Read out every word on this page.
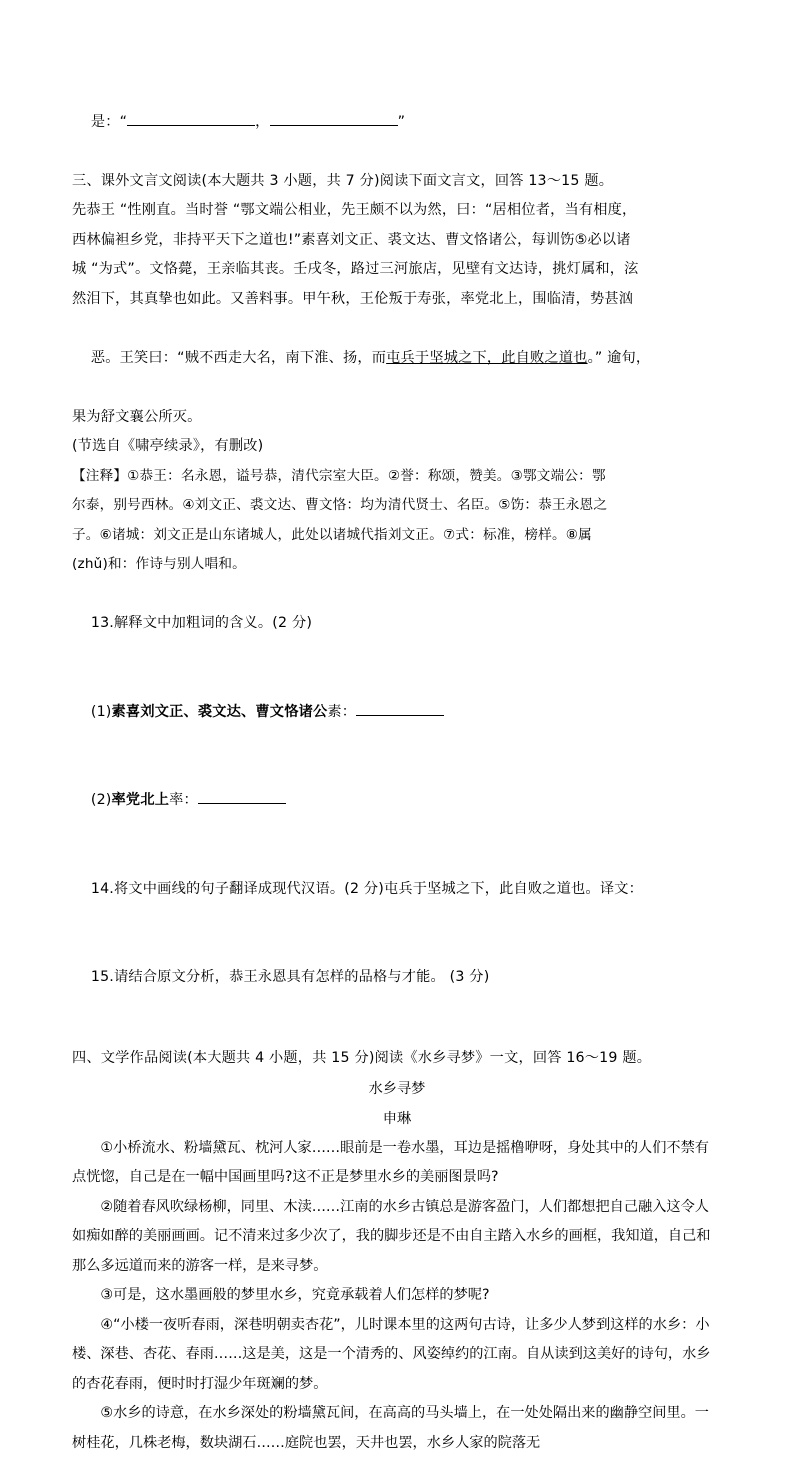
是：“	，	”

三、课外文言文阅读(本大题共 3 小题，共 7 分)阅读下面文言文，回答 13～15 题。
先恭王 “性刚直。当时誉 “鄂文端公相业，先王颇不以为然，曰：“居相位者，当有相度，
西林偏袒乡党，非持平天下之道也!”素喜刘文正、裘文达、曹文恪诸公，每训饬⑤必以诸
城 “为式”。文恪薨，王亲临其丧。壬戌冬，路过三河旅店，见壁有文达诗，挑灯属和，泫
然泪下，其真挚也如此。又善料事。甲午秋，王伦叛于寿张，率党北上，围临清，势甚汹

恶。王笑曰：“贼不西走大名，南下淮、扬，而屯兵于坚城之下，此自败之道也。” 逾旬，

果为舒文襄公所灭。
(节选自《啸亭续录》，有删改)
【注释】①恭王：名永恩，谥号恭，清代宗室大臣。②誉：称颂，赞美。③鄂文端公：鄂
尔泰，别号西林。④刘文正、裘文达、曹文恪：均为清代贤士、名臣。⑤饬：恭王永恩之
子。⑥诸城：刘文正是山东诸城人，此处以诸城代指刘文正。⑦式：标准，榜样。⑧属
(zhǔ)和：作诗与别人唱和。

13.解释文中加粗词的含义。(2 分)

(1)素喜刘文正、裘文达、曹文恪诸公素：

(2)率党北上率：

14.将文中画线的句子翻译成现代汉语。(2 分)屯兵于坚城之下，此自败之道也。译文：

15.请结合原文分析，恭王永恩具有怎样的品格与才能。 (3 分)

四、文学作品阅读(本大题共 4 小题，共 15 分)阅读《水乡寻梦》一文，回答 16～19 题。
水乡寻梦
申琳

①小桥流水、粉墙黛瓦、枕河人家……眼前是一卷水墨，耳边是摇橹咿呀，身处其中的人们不禁有点恍惚，自己是在一幅中国画里吗?这不正是梦里水乡的美丽图景吗?

②随着春风吹绿杨柳，同里、木渎……江南的水乡古镇总是游客盈门，人们都想把自己融入这令人如痴如醉的美丽画画。记不清来过多少次了，我的脚步还是不由自主踏入水乡的画框，我知道，自己和那么多远道而来的游客一样，是来寻梦。

③可是，这水墨画般的梦里水乡，究竟承载着人们怎样的梦呢?

④“小楼一夜听春雨，深巷明朝卖杏花”，儿时课本里的这两句古诗，让多少人梦到这样的水乡：小楼、深巷、杏花、春雨……这是美，这是一个清秀的、风姿绰约的江南。自从读到这美好的诗句，水乡的杏花春雨，便时时打湿少年斑斓的梦。

⑤水乡的诗意，在水乡深处的粉墙黛瓦间，在高高的马头墙上，在一处处隔出来的幽静空间里。一树桂花，几株老梅，数块湖石……庭院也罢，天井也罢，水乡人家的院落无
